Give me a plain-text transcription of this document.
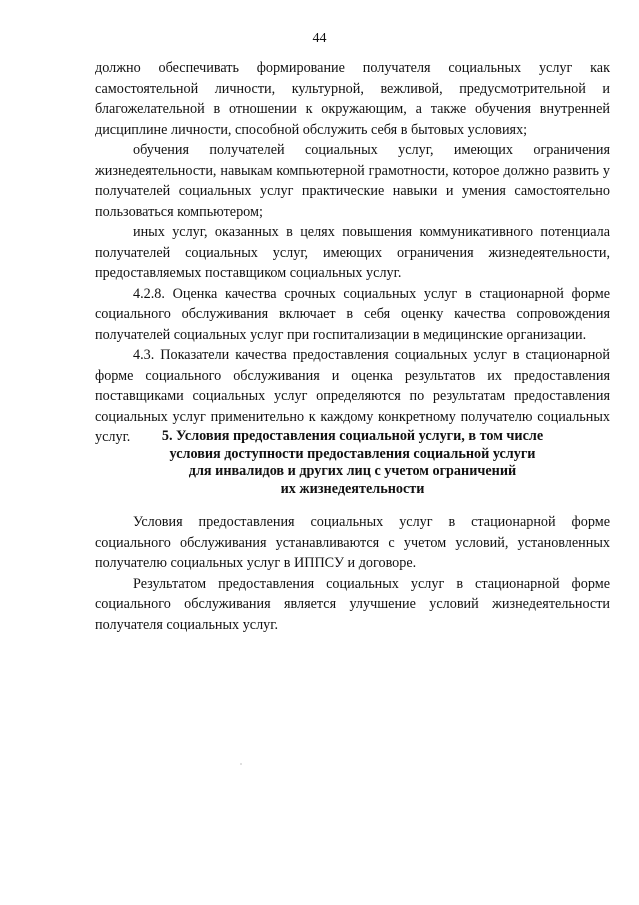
44

должно обеспечивать формирование получателя социальных услуг как самостоятельной личности, культурной, вежливой, предусмотрительной и благожелательной в отношении к окружающим, а также обучения внутренней дисциплине личности, способной обслужить себя в бытовых условиях;

обучения получателей социальных услуг, имеющих ограничения жизнедеятельности, навыкам компьютерной грамотности, которое должно развить у получателей социальных услуг практические навыки и умения самостоятельно пользоваться компьютером;

иных услуг, оказанных в целях повышения коммуникативного потенциала получателей социальных услуг, имеющих ограничения жизнедеятельности, предоставляемых поставщиком социальных услуг.

4.2.8. Оценка качества срочных социальных услуг в стационарной форме социального обслуживания включает в себя оценку качества сопровождения получателей социальных услуг при госпитализации в медицинские организации.

4.3. Показатели качества предоставления социальных услуг в стационарной форме социального обслуживания и оценка результатов их предоставления поставщиками социальных услуг определяются по результатам предоставления социальных услуг применительно к каждому конкретному получателю социальных услуг.	5. Условия предоставления социальной услуги, в том числе
условия доступности предоставления социальной услуги
для инвалидов и других лиц с учетом ограничений
их жизнедеятельности

Условия предоставления социальных услуг в стационарной форме социального обслуживания устанавливаются с учетом условий, установленных получателю социальных услуг в ИППСУ и договоре.

Результатом предоставления социальных услуг в стационарной форме социального обслуживания является улучшение условий жизнедеятельности получателя социальных услуг.
